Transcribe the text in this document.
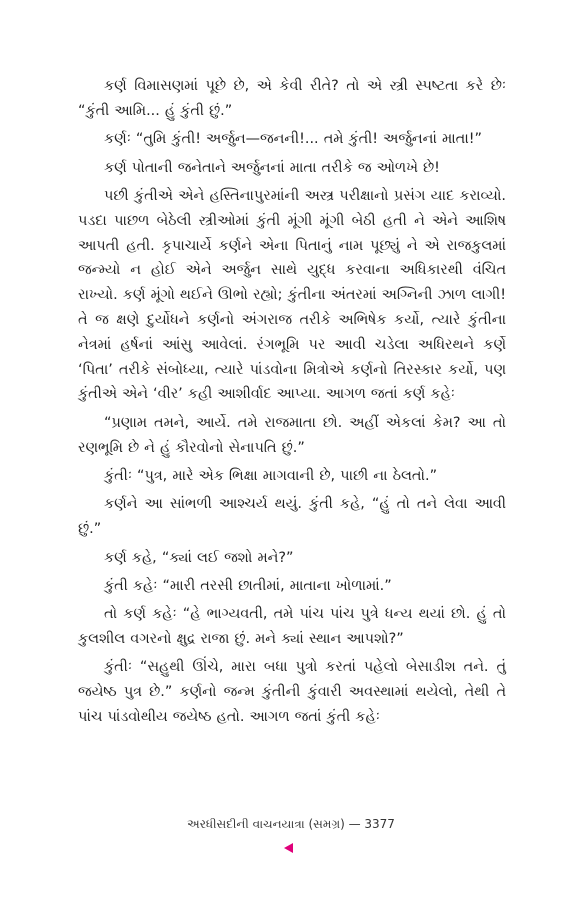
કર્ણ વિમાસણમાં પૂછે છે, એ કેવી રીતે? તો એ સ્ત્રી સ્પષ્ટતા કરે છેઃ “કુંતી આમિ... હું કુંતી છું.”

કર્ણઃ “તુમિ કુંતી! અર્જુન—જનની!... તમે કુંતી! અર્જુનનાં માતા!”

કર્ણ પોતાની જનેતાને અર્જુનનાં માતા તરીકે જ ઓળખે છે!

પછી કુંતીએ એને હસ્તિનાપુરમાંની અસ્ત્ર પરીક્ષાનો પ્રસંગ યાદ કરાવ્યો. પડદા પાછળ બેઠેલી સ્ત્રીઓમાં કુંતી મૂંગી મૂંગી બેઠી હતી ને એને આશિષ આપતી હતી. કૃપાચાર્યે કર્ણને એના પિતાનું નામ પૂછ્યું ને એ રાજકુલમાં જન્મ્યો ન હોઈ એને અર્જુન સાથે યુદ્ધ કરવાના અધિકારથી વંચિત રાખ્યો. કર્ણ મૂંગો થઈને ઊભો રહ્યો; કુંતીના અંતરમાં અગ્નિની ઝાળ લાગી! તે જ ક્ષણે દુર્યોધને કર્ણનો અંગરાજ તરીકે અભિષેક કર્યો, ત્યારે કુંતીના નેત્રમાં હર્ષનાં આંસુ આવેલાં. રંગભૂમિ પર આવી ચડેલા અધિરથને કર્ણે ‘પિતા’ તરીકે સંબોધ્યા, ત્યારે પાંડવોના મિત્રોએ કર્ણનો તિરસ્કાર કર્યો, પણ કુંતીએ એને ‘વીર’ કહી આશીર્વાદ આપ્યા. આગળ જતાં કર્ણ કહેઃ

“પ્રણામ તમને, આર્યે. તમે રાજમાતા છો. અહીં એકલાં કેમ? આ તો રણભૂમિ છે ને હું કૌરવોનો સેનાપતિ છું.”

કુંતીઃ “પુત્ર, મારે એક ભિક્ષા માગવાની છે, પાછી ના ઠેલતો.”

કર્ણને આ સાંભળી આશ્ચર્ય થયું. કુંતી કહે, “હું તો તને લેવા આવી છું.”

કર્ણ કહે, “ક્યાં લઈ જશો મને?”

કુંતી કહેઃ “મારી તરસી છાતીમાં, માતાના ખોળામાં.”

તો કર્ણ કહેઃ “હે ભાગ્યવતી, તમે પાંચ પાંચ પુત્રે ધન્ય થયાં છો. હું તો કુલશીલ વગરનો ક્ષુદ્ર રાજા છું. મને ક્યાં સ્થાન આપશો?”

કુંતીઃ “સહુથી ઊંચે, મારા બધા પુત્રો કરતાં પહેલો બેસાડીશ તને. તું જયેષ્ઠ પુત્ર છે.” કર્ણનો જન્મ કુંતીની કુંવારી અવસ્થામાં થયેલો, તેથી તે પાંચ પાંડવોથીય જયેષ્ઠ હતો. આગળ જતાં કુંતી કહેઃ

અરધીસદીની વાચનયાત્રા (સમગ્ર) — 3377
